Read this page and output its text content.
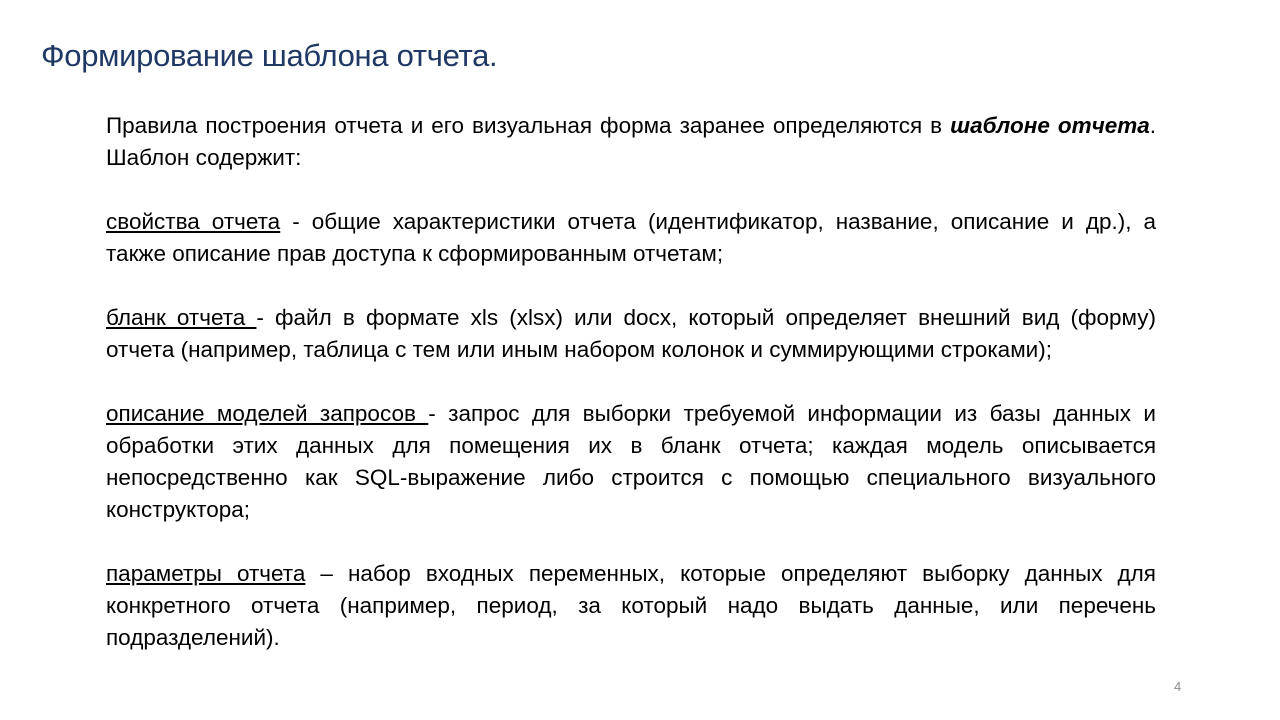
Формирование шаблона отчета.

Правила построения отчета и его визуальная форма заранее определяются в шаблоне отчета. Шаблон содержит:

свойства отчета - общие характеристики отчета (идентификатор, название, описание и др.), а также описание прав доступа к сформированным отчетам;

бланк отчета - файл в формате xls (xlsx) или docx, который определяет внешний вид (форму) отчета (например, таблица с тем или иным набором колонок и суммирующими строками);

описание моделей запросов - запрос для выборки требуемой информации из базы данных и обработки этих данных для помещения их в бланк отчета; каждая модель описывается непосредственно как SQL-выражение либо строится с помощью специального визуального конструктора;

параметры отчета – набор входных переменных, которые определяют выборку данных для конкретного отчета (например, период, за который надо выдать данные, или перечень подразделений).

4
